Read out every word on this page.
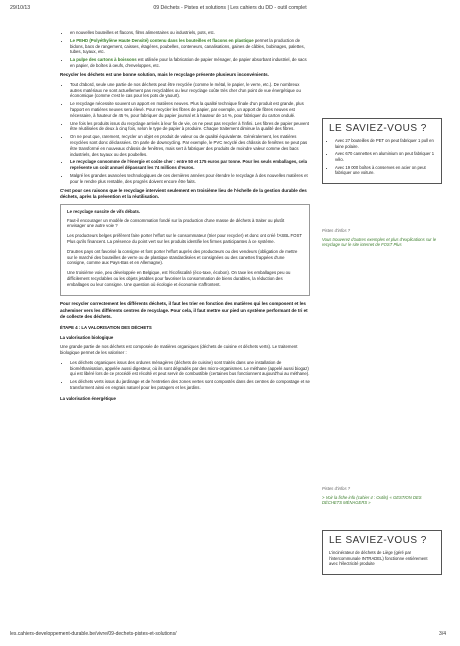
29/10/13	09 Déchets - Pistes et solutions | Les cahiers du DD - outil complet
• en nouvelles bouteilles et flacons, films alimentaires ou industriels, pots, etc.
• Le PEHD (Polyéthylène Haute Densité) contenu dans les bouteilles et flacons en plastique permet la production de bidons, bacs de rangement, caisses, étagères, poubelles, conteneurs, canalisations, gaines de câbles, bobinages, palettes, tubes, tuyaux, etc.
• La pulpe des cartons à boissons est utilisée pour la fabrication de papier ménager, de papier absorbant industriel, de sacs en papier, de boîtes à oeufs, d'enveloppes, etc.

Recycler les déchets est une bonne solution, mais le recyclage présente plusieurs inconvénients.

• Tout d'abord, seule une partie de nos déchets peut être recyclée (comme le métal, le papier, le verre, etc.). De nombreux autres matériaux ne sont actuellement pas recyclables ou leur recyclage coûte très cher d'un point de vue énergétique ou économique (comme c'est le cas pour les pots de yaourt).
• Le recyclage nécessite souvent un apport en matières neuves. Plus la qualité technique finale d'un produit est grande, plus l'apport en matières neuves sera élevé. Pour recycler les fibres de papier, par exemple, un apport de fibres neuves est nécessaire, à hauteur de 45 %, pour fabriquer du papier journal et à hauteur de 14 %, pour fabriquer du carton ondulé.
• Une fois les produits issus du recyclage arrivés à leur fin de vie, on ne peut pas recycler à l'infini. Les fibres de papier peuvent être réutilisées de deux à cinq fois, selon le type de papier à produire. Chaque traitement diminue la qualité des fibres.
• On ne peut que, rarement, recycler un objet en produit de valeur ou de qualité équivalente. Généralement, les matières recyclées sont donc déclassées. On parle de downcycling. Par exemple, le PVC recyclé des châssis de fenêtres ne peut pas être transformé en nouveaux châssis de fenêtres, mais sert à fabriquer des produits de moindre valeur comme des bacs industriels, des tuyaux ou des poubelles.
• Le recyclage consomme de l'énergie et coûte cher : entre 50 et 175 euros par tonne. Pour les seuls emballages, cela représente un coût annuel dépassant les 74 millions d'euros.
• Malgré les grandes avancées technologiques de ces dernières années pour étendre le recyclage à des nouvelles matières et pour le rendre plus rentable, des progrès doivent encore être faits.

C'est pour ces raisons que le recyclage intervient seulement en troisième lieu de l'échelle de la gestion durable des déchets, après la prévention et la réutilisation.

Le recyclage suscite de vifs débats.

Faut-il encourager un modèle de consommation fondé sur la production d'une masse de déchets à traiter ou plutôt envisager une autre voie ?

Les producteurs belges préfèrent faire porter l'effort sur le consommateur (trier pour recycler) et donc ont créé l'ASBL FOST Plus qu'ils financent. La présence du point vert sur les produits identifie les firmes participantes à ce système.

D'autres pays ont favorisé la consigne et font porter l'effort auprès des producteurs ou des vendeurs (obligation de mettre sur le marché des bouteilles de verre ou de plastique standardisées et consignées ou des canettes frappées d'une consigne, comme aux Pays-Bas et en Allemagne).

Une troisième voie, peu développée en Belgique, est l'écofiscalité (éco-taxe, écobon). On taxe les emballages peu ou difficilement recyclables ou les objets jetables pour favoriser la consommation de biens durables, la réduction des emballages ou leur consigne. Une question où écologie et économie s'affrontent.

Pour recycler correctement les différents déchets, il faut les trier en fonction des matières qui les composent et les acheminer vers les différents centres de recyclage. Pour cela, il faut mettre sur pied un système performant de tri et de collecte des déchets.

ÉTAPE 4 : LA VALORISATION DES DÉCHETS
La valorisation biologique

Une grande partie de nos déchets est composée de matières organiques (déchets de cuisine et déchets verts). Le traitement biologique permet de les valoriser :

• Les déchets organiques issus des ordures ménagères (déchets de cuisine) sont traités dans une installation de biométhanisation, appelée aussi digesteur, où ils sont dégradés par des micro-organismes. Le méthane (appelé aussi biogaz) qui est libéré lors de ce procédé est récolté et peut servir de combustible (certaines bus fonctionnent aujourd'hui au méthane).
• Les déchets verts issus du jardinage et de l'entretien des zones vertes sont compostés dans des centres de compostage et se transforment ainsi en engrais naturel pour les potagers et les jardins.
La valorisation énergétique
LE SAVIEZ-VOUS ?
• Avec 27 bouteilles de PET on peut fabriquer 1 pull en laine polaire.
• Avec 670 cannettes en aluminium on peut fabriquer 1 vélo.
• Avec 19 000 boîtes à conserves en acier on peut fabriquer une voiture.
Pistes d'infos ?
Vous trouverez d'autres exemples et plus d'explications sur le recyclage sur le site internet de FOST Plus
Pistes d'infos ?
> Voir la fiche info (cahier 4 : Outils) « GESTION DES DÉCHETS MÉNAGERS »
LE SAVIEZ-VOUS ?

L'incinérateur de déchets de Liège (géré par l'intercommunale INTRADEL) fonctionne entièrement avec l'électricité produite

les.cahiers-developpement-durable.be/vivre/09-dechets-pistes-et-solutions/	3/4
